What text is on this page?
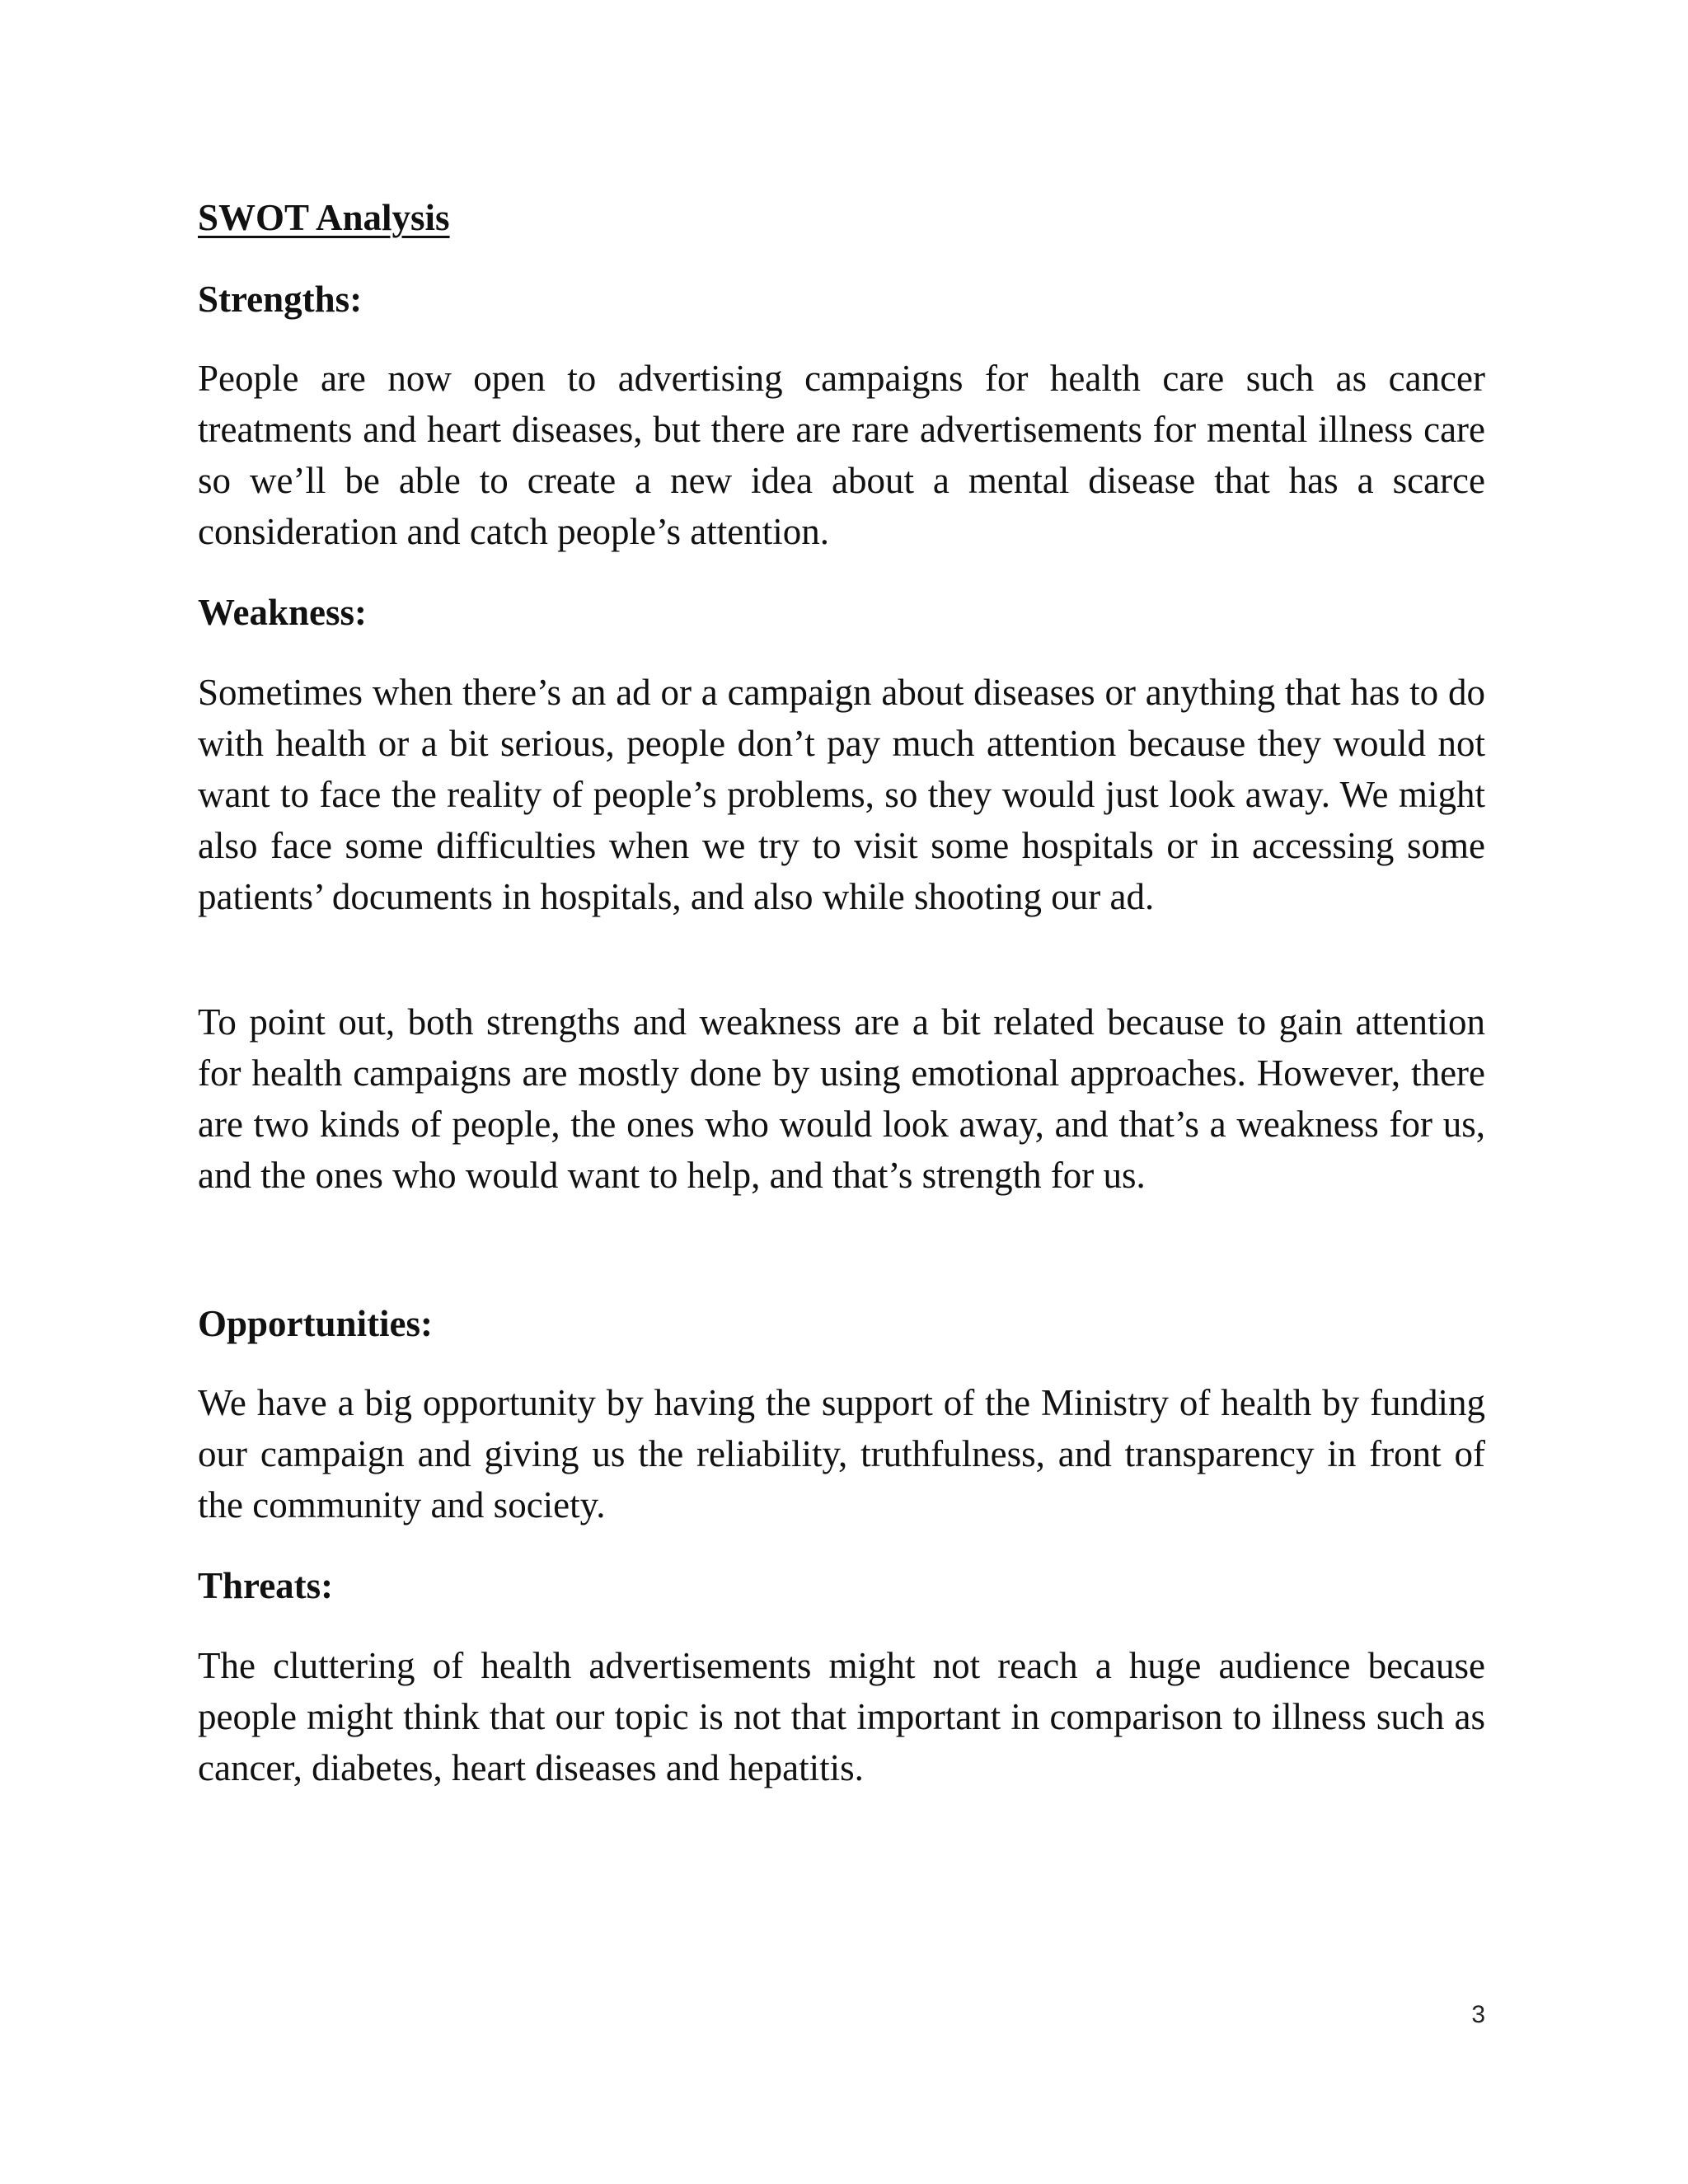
SWOT Analysis
Strengths:

People are now open to advertising campaigns for health care such as cancer treatments and heart diseases, but there are rare advertisements for mental illness care so we’ll be able to create a new idea about a mental disease that has a scarce consideration and catch people’s attention.

Weakness:

Sometimes when there’s an ad or a campaign about diseases or anything that has to do with health or a bit serious, people don’t pay much attention because they would not want to face the reality of people’s problems, so they would just look away. We might also face some difficulties when we try to visit some hospitals or in accessing some patients’ documents in hospitals, and also while shooting our ad.

To point out, both strengths and weakness are a bit related because to gain attention for health campaigns are mostly done by using emotional approaches. However, there are two kinds of people, the ones who would look away, and that’s a weakness for us, and the ones who would want to help, and that’s strength for us.

Opportunities:

We have a big opportunity by having the support of the Ministry of health by funding our campaign and giving us the reliability, truthfulness, and transparency in front of the community and society.

Threats:

The cluttering of health advertisements might not reach a huge audience because people might think that our topic is not that important in comparison to illness such as cancer, diabetes, heart diseases and hepatitis.

3
